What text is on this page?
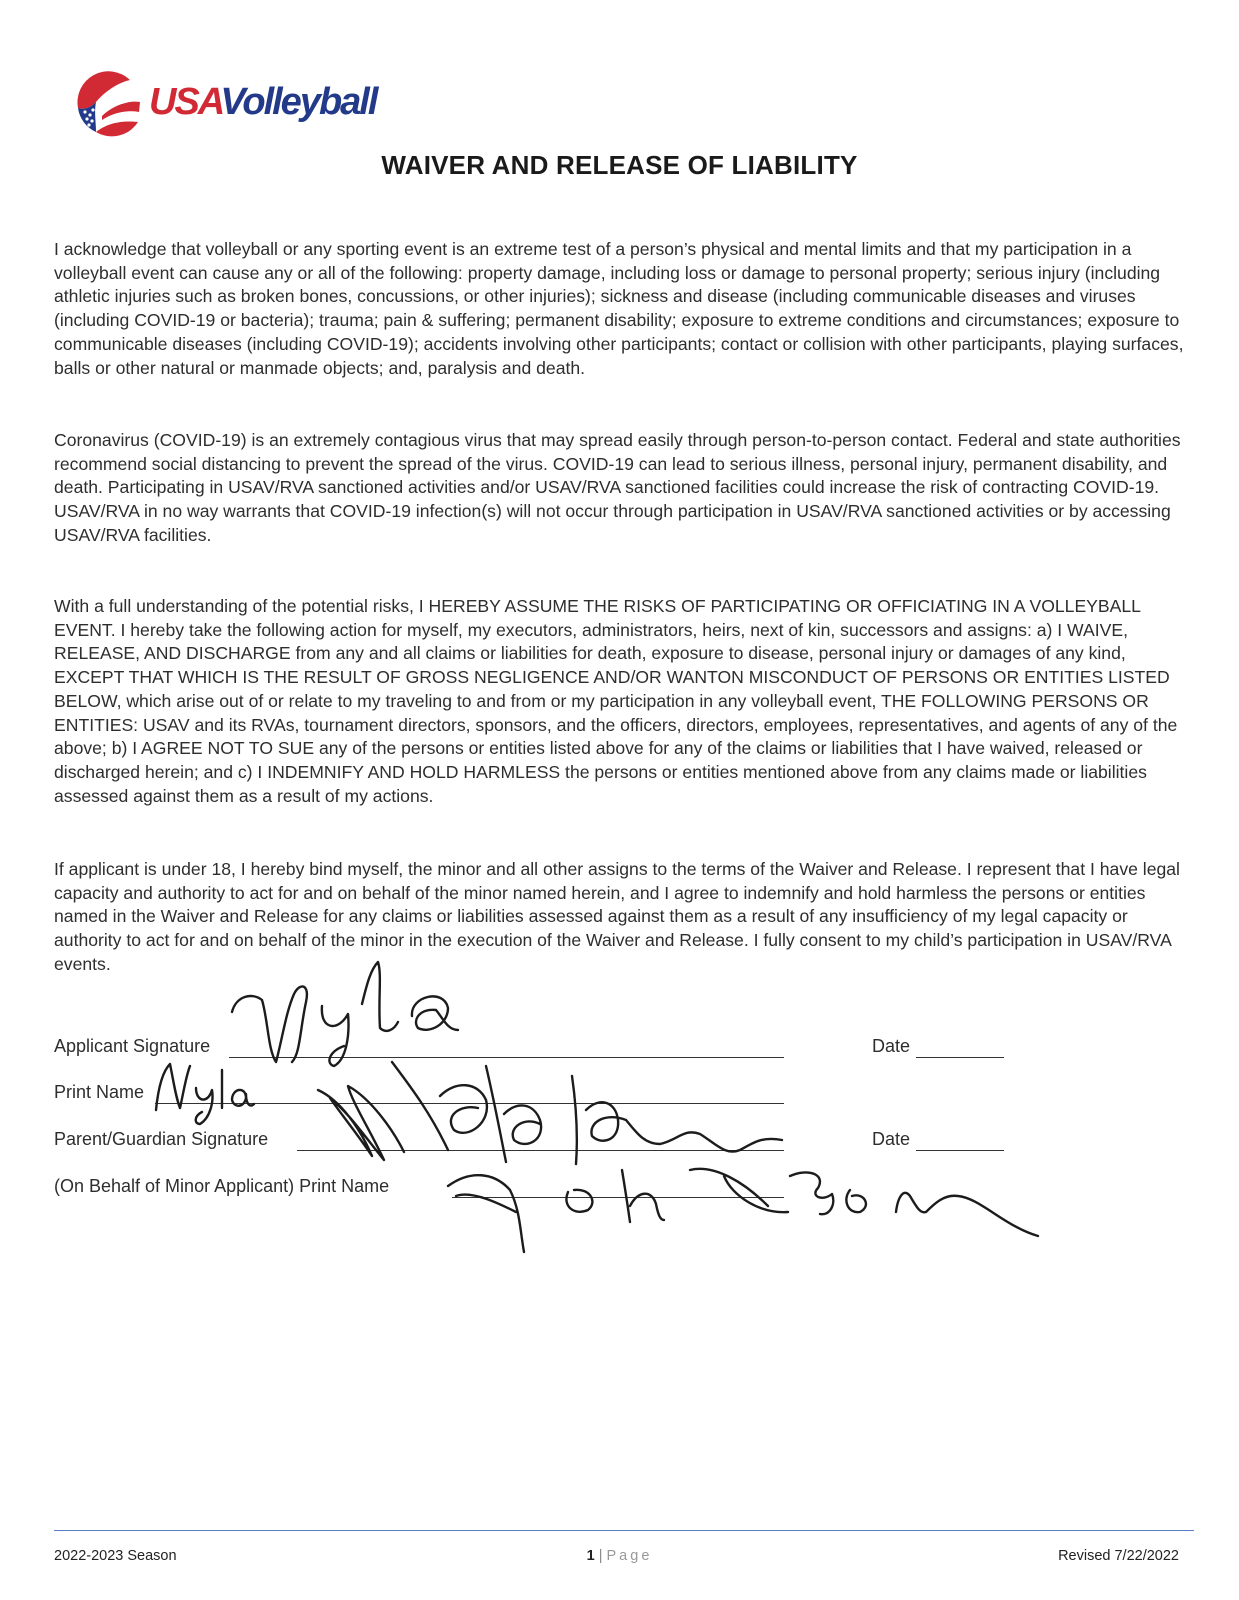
USAVolleyball
WAIVER AND RELEASE OF LIABILITY

I acknowledge that volleyball or any sporting event is an extreme test of a person’s physical and mental limits and that my participation in a volleyball event can cause any or all of the following: property damage, including loss or damage to personal property; serious injury (including athletic injuries such as broken bones, concussions, or other injuries); sickness and disease (including communicable diseases and viruses (including COVID-19 or bacteria); trauma; pain & suffering; permanent disability; exposure to extreme conditions and circumstances; exposure to communicable diseases (including COVID-19); accidents involving other participants; contact or collision with other participants, playing surfaces, balls or other natural or manmade objects; and, paralysis and death.

Coronavirus (COVID-19) is an extremely contagious virus that may spread easily through person-to-person contact. Federal and state authorities recommend social distancing to prevent the spread of the virus. COVID-19 can lead to serious illness, personal injury, permanent disability, and death. Participating in USAV/RVA sanctioned activities and/or USAV/RVA sanctioned facilities could increase the risk of contracting COVID-19. USAV/RVA in no way warrants that COVID-19 infection(s) will not occur through participation in USAV/RVA sanctioned activities or by accessing USAV/RVA facilities.

With a full understanding of the potential risks, I HEREBY ASSUME THE RISKS OF PARTICIPATING OR OFFICIATING IN A VOLLEYBALL EVENT. I hereby take the following action for myself, my executors, administrators, heirs, next of kin, successors and assigns: a) I WAIVE, RELEASE, AND DISCHARGE from any and all claims or liabilities for death, exposure to disease, personal injury or damages of any kind, EXCEPT THAT WHICH IS THE RESULT OF GROSS NEGLIGENCE AND/OR WANTON MISCONDUCT OF PERSONS OR ENTITIES LISTED BELOW, which arise out of or relate to my traveling to and from or my participation in any volleyball event, THE FOLLOWING PERSONS OR ENTITIES: USAV and its RVAs, tournament directors, sponsors, and the officers, directors, employees, representatives, and agents of any of the above; b) I AGREE NOT TO SUE any of the persons or entities listed above for any of the claims or liabilities that I have waived, released or discharged herein; and c) I INDEMNIFY AND HOLD HARMLESS the persons or entities mentioned above from any claims made or liabilities assessed against them as a result of my actions.

If applicant is under 18, I hereby bind myself, the minor and all other assigns to the terms of the Waiver and Release. I represent that I have legal capacity and authority to act for and on behalf of the minor named herein, and I agree to indemnify and hold harmless the persons or entities named in the Waiver and Release for any claims or liabilities assessed against them as a result of any insufficiency of my legal capacity or authority to act for and on behalf of the minor in the execution of the Waiver and Release. I fully consent to my child’s participation in USAV/RVA events.

Applicant Signature	Date
Print Name
Parent/Guardian Signature	Date
(On Behalf of Minor Applicant) Print Name
2022-2023 Season	1 | Page	Revised 7/22/2022
